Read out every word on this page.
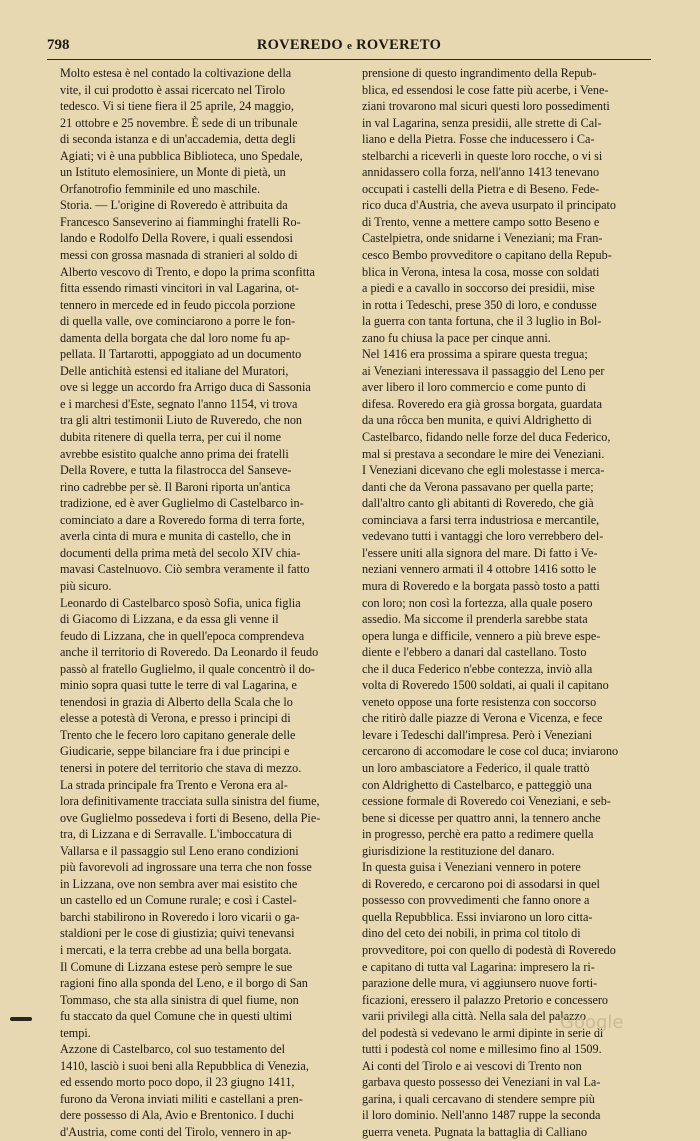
798	ROVEREDO e ROVERETO
Molto estesa è nel contado la coltivazione della
vite, il cui prodotto è assai ricercato nel Tirolo
tedesco. Vi si tiene fiera il 25 aprile, 24 maggio,
21 ottobre e 25 novembre. È sede di un tribunale
di seconda istanza e di un'accademia, detta degli
Agiati; vi è una pubblica Biblioteca, uno Spedale,
un Istituto elemosiniere, un Monte di pietà, un
Orfanotrofio femminile ed uno maschile.
Storia. — L'origine di Roveredo è attribuita da
Francesco Sanseverino ai fiamminghi fratelli Ro-
lando e Rodolfo Della Rovere, i quali essendosi
messi con grossa masnada di stranieri al soldo di
Alberto vescovo di Trento, e dopo la prima sconfitta
fitta essendo rimasti vincitori in val Lagarina, ot-
tennero in mercede ed in feudo piccola porzione
di quella valle, ove cominciarono a porre le fon-
damenta della borgata che dal loro nome fu ap-
pellata. Il Tartarotti, appoggiato ad un documento
Delle antichità estensi ed italiane del Muratori,
ove si legge un accordo fra Arrigo duca di Sassonia
e i marchesi d'Este, segnato l'anno 1154, vi trova
tra gli altri testimonii Liuto de Ruveredo, che non
dubita ritenere di quella terra, per cui il nome
avrebbe esistito qualche anno prima dei fratelli
Della Rovere, e tutta la filastrocca del Sanseve-
rino cadrebbe per sè. Il Baroni riporta un'antica
tradizione, ed è aver Guglielmo di Castelbarco in-
cominciato a dare a Roveredo forma di terra forte,
averla cinta di mura e munita di castello, che in
documenti della prima metà del secolo XIV chia-
mavasi Castelnuovo. Ciò sembra veramente il fatto
più sicuro.
Leonardo di Castelbarco sposò Sofia, unica figlia
di Giacomo di Lizzana, e da essa gli venne il
feudo di Lizzana, che in quell'epoca comprendeva
anche il territorio di Roveredo. Da Leonardo il feudo
passò al fratello Guglielmo, il quale concentrò il do-
minio sopra quasi tutte le terre di val Lagarina, e
tenendosi in grazia di Alberto della Scala che lo
elesse a potestà di Verona, e presso i principi di
Trento che le fecero loro capitano generale delle
Giudicarie, seppe bilanciare fra i due principi e
tenersi in potere del territorio che stava di mezzo.
La strada principale fra Trento e Verona era al-
lora definitivamente tracciata sulla sinistra del fiume,
ove Guglielmo possedeva i forti di Beseno, della Pie-
tra, di Lizzana e di Serravalle. L'imboccatura di
Vallarsa e il passaggio sul Leno erano condizioni
più favorevoli ad ingrossare una terra che non fosse
in Lizzana, ove non sembra aver mai esistito che
un castello ed un Comune rurale; e così i Castel-
barchi stabilirono in Roveredo i loro vicarii o ga-
staldioni per le cose di giustizia; quivi tenevansi
i mercati, e la terra crebbe ad una bella borgata.
Il Comune di Lizzana estese però sempre le sue
ragioni fino alla sponda del Leno, e il borgo di San
Tommaso, che sta alla sinistra di quel fiume, non
fu staccato da quel Comune che in questi ultimi
tempi.
Azzone di Castelbarco, col suo testamento del
1410, lasciò i suoi beni alla Repubblica di Venezia,
ed essendo morto poco dopo, il 23 giugno 1411,
furono da Verona inviati militi e castellani a pren-
dere possesso di Ala, Avio e Brentonico. I duchi
d'Austria, come conti del Tirolo, vennero in ap-
prensione di questo ingrandimento della Repub-
blica, ed essendosi le cose fatte più acerbe, i Vene-
ziani trovarono mal sicuri questi loro possedimenti
in val Lagarina, senza presidii, alle strette di Cal-
liano e della Pietra. Fosse che inducessero i Ca-
stelbarchi a riceverli in queste loro rocche, o vi si
annidassero colla forza, nell'anno 1413 tenevano
occupati i castelli della Pietra e di Beseno. Fede-
rico duca d'Austria, che aveva usurpato il principato
di Trento, venne a mettere campo sotto Beseno e
Castelpietra, onde snidarne i Veneziani; ma Fran-
cesco Bembo provveditore o capitano della Repub-
blica in Verona, intesa la cosa, mosse con soldati
a piedi e a cavallo in soccorso dei presidii, mise
in rotta i Tedeschi, prese 350 di loro, e condusse
la guerra con tanta fortuna, che il 3 luglio in Bol-
zano fu chiusa la pace per cinque anni.
Nel 1416 era prossima a spirare questa tregua;
ai Veneziani interessava il passaggio del Leno per
aver libero il loro commercio e come punto di
difesa. Roveredo era già grossa borgata, guardata
da una rôcca ben munita, e quivi Aldrighetto di
Castelbarco, fidando nelle forze del duca Federico,
mal si prestava a secondare le mire dei Veneziani.
I Veneziani dicevano che egli molestasse i merca-
danti che da Verona passavano per quella parte;
dall'altro canto gli abitanti di Roveredo, che già
cominciava a farsi terra industriosa e mercantile,
vedevano tutti i vantaggi che loro verrebbero del-
l'essere uniti alla signora del mare. Di fatto i Ve-
neziani vennero armati il 4 ottobre 1416 sotto le
mura di Roveredo e la borgata passò tosto a patti
con loro; non così la fortezza, alla quale posero
assedio. Ma siccome il prenderla sarebbe stata
opera lunga e difficile, vennero a più breve espe-
diente e l'ebbero a danari dal castellano. Tosto
che il duca Federico n'ebbe contezza, inviò alla
volta di Roveredo 1500 soldati, ai quali il capitano
veneto oppose una forte resistenza con soccorso
che ritirò dalle piazze di Verona e Vicenza, e fece
levare i Tedeschi dall'impresa. Però i Veneziani
cercarono di accomodare le cose col duca; inviarono
un loro ambasciatore a Federico, il quale trattò
con Aldrighetto di Castelbarco, e patteggiò una
cessione formale di Roveredo coi Veneziani, e seb-
bene si dicesse per quattro anni, la tennero anche
in progresso, perchè era patto a redimere quella
giurisdizione la restituzione del danaro.
In questa guisa i Veneziani vennero in potere
di Roveredo, e cercarono poi di assodarsi in quel
possesso con provvedimenti che fanno onore a
quella Repubblica. Essi inviarono un loro citta-
dino del ceto dei nobili, in prima col titolo di
provveditore, poi con quello di podestà di Roveredo
e capitano di tutta val Lagarina: impresero la ri-
parazione delle mura, vi aggiunsero nuove forti-
ficazioni, eressero il palazzo Pretorio e concessero
varii privilegi alla città. Nella sala del palazzo
del podestà si vedevano le armi dipinte in serie di
tutti i podestà col nome e millesimo fino al 1509.
Ai conti del Tirolo e ai vescovi di Trento non
garbava questo possesso dei Veneziani in val La-
garina, i quali cercavano di stendere sempre più
il loro dominio. Nell'anno 1487 ruppe la seconda
guerra veneta. Pugnata la battaglia di Calliano
Google
